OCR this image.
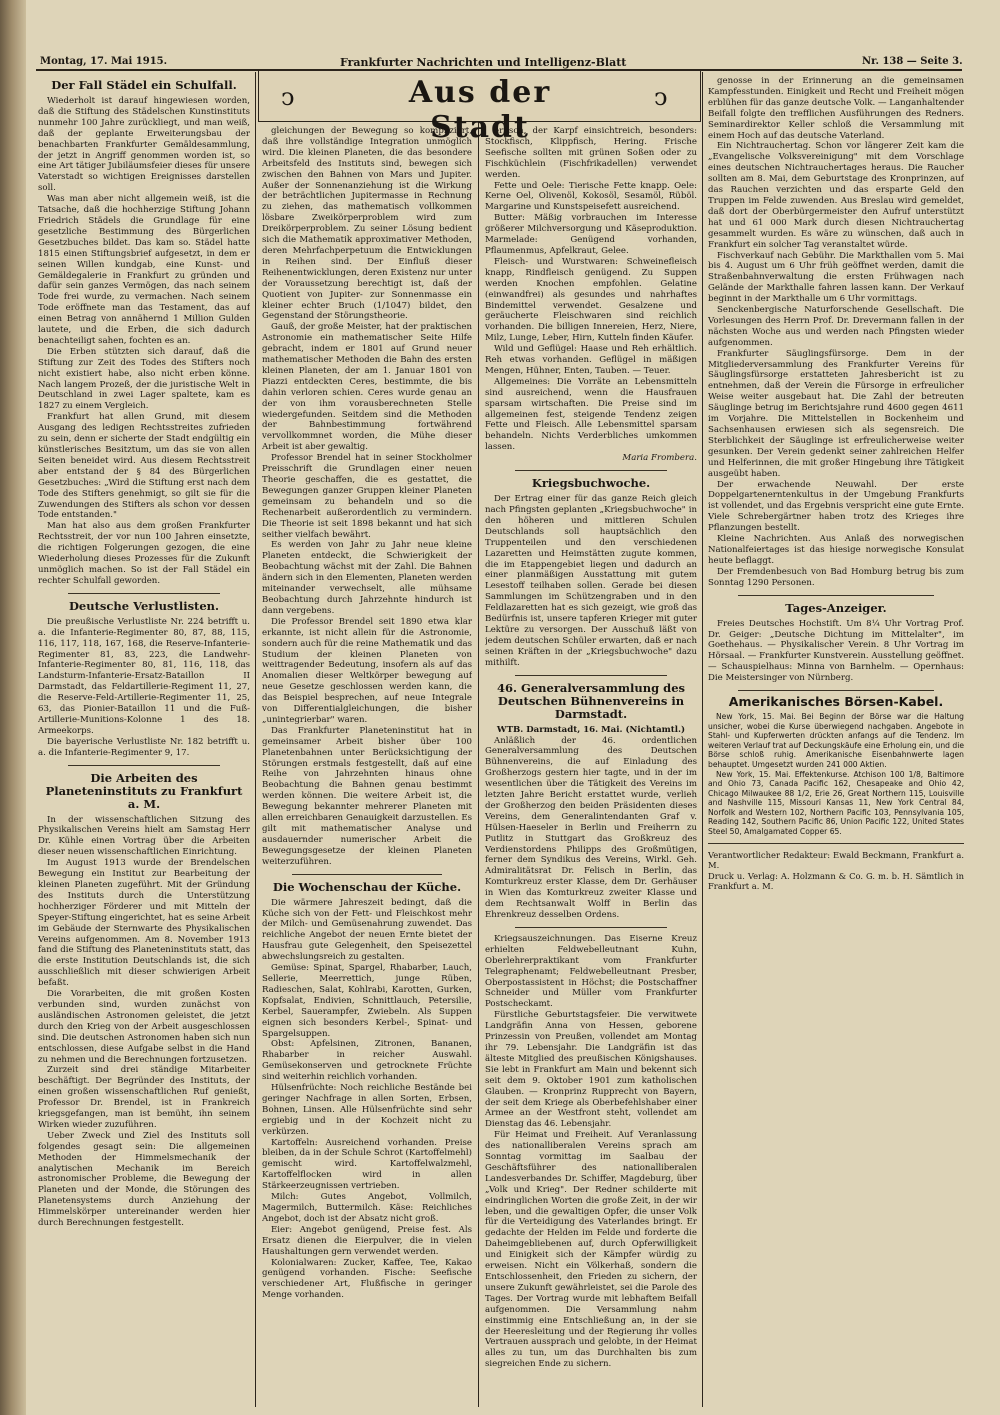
Montag, 17. Mai 1915.	Frankfurter Nachrichten und Intelligenz-Blatt	Nr. 138 — Seite 3.
ↄ	Aus der Stadt
ↄ
Der Fall Städel ein Schulfall.

Wiederholt ist darauf hingewiesen worden, daß die Stiftung des Städelschen Kunstinstituts nunmehr 100 Jahre zurückliegt, und man weiß, daß der geplante Erweiterungsbau der benachbarten Frankfurter Gemäldesammlung, der jetzt in Angriff genommen worden ist, so eine Art tätiger Jubiläumsfeier dieses für unsere Vaterstadt so wichtigen Ereignisses darstellen soll.

Was man aber nicht allgemein weiß, ist die Tatsache, daß die hochherzige Stiftung Johann Friedrich Städels die Grundlage für eine gesetzliche Bestimmung des Bürgerlichen Gesetzbuches bildet. Das kam so. Städel hatte 1815 einen Stiftungsbrief aufgesetzt, in dem er seinen Willen kundgab, eine Kunst- und Gemäldegalerie in Frankfurt zu gründen und dafür sein ganzes Vermögen, das nach seinem Tode frei wurde, zu vermachen. Nach seinem Tode eröffnete man das Testament, das auf einen Betrag von annähernd 1 Million Gulden lautete, und die Erben, die sich dadurch benachteiligt sahen, fochten es an.

Die Erben stützten sich darauf, daß die Stiftung zur Zeit des Todes des Stifters noch nicht existiert habe, also nicht erben könne. Nach langem Prozeß, der die juristische Welt in Deutschland in zwei Lager spaltete, kam es 1827 zu einem Vergleich.

Frankfurt hat allen Grund, mit diesem Ausgang des ledigen Rechtsstreites zufrieden zu sein, denn er sicherte der Stadt endgültig ein künstlerisches Besitztum, um das sie von allen Seiten beneidet wird. Aus diesem Rechtsstreit aber entstand der § 84 des Bürgerlichen Gesetzbuches: „Wird die Stiftung erst nach dem Tode des Stifters genehmigt, so gilt sie für die Zuwendungen des Stifters als schon vor dessen Tode entstanden."

Man hat also aus dem großen Frankfurter Rechtsstreit, der vor nun 100 Jahren einsetzte, die richtigen Folgerungen gezogen, die eine Wiederholung dieses Prozesses für die Zukunft unmöglich machen. So ist der Fall Städel ein rechter Schulfall geworden.

Deutsche Verlustlisten.

Die preußische Verlustliste Nr. 224 betrifft u. a. die Infanterie-Regimenter 80, 87, 88, 115, 116, 117, 118, 167, 168, die Reserve-Infanterie-Regimenter 81, 83, 223, die Landwehr-Infanterie-Regimenter 80, 81, 116, 118, das Landsturm-Infanterie-Ersatz-Bataillon II Darmstadt, das Feldartillerie-Regiment 11, 27, die Reserve-Feld-Artillerie-Regimenter 11, 25, 63, das Pionier-Bataillon 11 und die Fuß-Artillerie-Munitions-Kolonne 1 des 18. Armeekorps.

Die bayerische Verlustliste Nr. 182 betrifft u. a. die Infanterie-Regimenter 9, 17.

Die Arbeiten des Planeteninstituts zu Frankfurt a. M.

In der wissenschaftlichen Sitzung des Physikalischen Vereins hielt am Samstag Herr Dr. Kühle einen Vortrag über die Arbeiten dieser neuen wissenschaftlichen Einrichtung.

Im August 1913 wurde der Brendelschen Bewegung ein Institut zur Bearbeitung der kleinen Planeten zugeführt. Mit der Gründung des Instituts durch die Unterstützung hochherziger Förderer und mit Mitteln der Speyer-Stiftung eingerichtet, hat es seine Arbeit im Gebäude der Sternwarte des Physikalischen Vereins aufgenommen. Am 8. November 1913 fand die Stiftung des Planeteninstituts statt, das die erste Institution Deutschlands ist, die sich ausschließlich mit dieser schwierigen Arbeit befaßt.

Die Vorarbeiten, die mit großen Kosten verbunden sind, wurden zunächst von ausländischen Astronomen geleistet, die jetzt durch den Krieg von der Arbeit ausgeschlossen sind. Die deutschen Astronomen haben sich nun entschlossen, diese Aufgabe selbst in die Hand zu nehmen und die Berechnungen fortzusetzen.

Zurzeit sind drei ständige Mitarbeiter beschäftigt. Der Begründer des Instituts, der einen großen wissenschaftlichen Ruf genießt, Professor Dr. Brendel, ist in Frankreich kriegsgefangen, man ist bemüht, ihn seinem Wirken wieder zuzuführen.

Ueber Zweck und Ziel des Instituts soll folgendes gesagt sein: Die allgemeinen Methoden der Himmelsmechanik der analytischen Mechanik im Bereich astronomischer Probleme, die Bewegung der Planeten und der Monde, die Störungen des Planetensystems durch Anziehung der Himmelskörper untereinander werden hier durch Berechnungen festgestellt.

gleichungen der Bewegung so kompliziert, daß ihre vollständige Integration unmöglich wird. Die kleinen Planeten, die das besondere Arbeitsfeld des Instituts sind, bewegen sich zwischen den Bahnen von Mars und Jupiter. Außer der Sonnenanziehung ist die Wirkung der beträchtlichen Jupitermasse in Rechnung zu ziehen, das mathematisch vollkommen lösbare Zweikörperproblem wird zum Dreikörperproblem. Zu seiner Lösung bedient sich die Mathematik approximativer Methoden, deren Mehrfachperpetuum die Entwicklungen in Reihen sind. Der Einfluß dieser Reihenentwicklungen, deren Existenz nur unter der Voraussetzung berechtigt ist, daß der Quotient von Jupiter- zur Sonnenmasse ein kleiner echter Bruch (1/1047) bildet, den Gegenstand der Störungstheorie.

Gauß, der große Meister, hat der praktischen Astronomie ein mathematischer Seite Hilfe gebracht, indem er 1801 auf Grund neuer mathematischer Methoden die Bahn des ersten kleinen Planeten, der am 1. Januar 1801 von Piazzi entdeckten Ceres, bestimmte, die bis dahin verloren schien. Ceres wurde genau an der von ihm vorausberechneten Stelle wiedergefunden. Seitdem sind die Methoden der Bahnbestimmung fortwährend vervollkommnet worden, die Mühe dieser Arbeit ist aber gewaltig.

Professor Brendel hat in seiner Stockholmer Preisschrift die Grundlagen einer neuen Theorie geschaffen, die es gestattet, die Bewegungen ganzer Gruppen kleiner Planeten gemeinsam zu behandeln und so die Rechenarbeit außerordentlich zu vermindern. Die Theorie ist seit 1898 bekannt und hat sich seither vielfach bewährt.

Es werden von Jahr zu Jahr neue kleine Planeten entdeckt, die Schwierigkeit der Beobachtung wächst mit der Zahl. Die Bahnen ändern sich in den Elementen, Planeten werden miteinander verwechselt, alle mühsame Beobachtung durch Jahrzehnte hindurch ist dann vergebens.

Die Professor Brendel seit 1890 etwa klar erkannte, ist nicht allein für die Astronomie, sondern auch für die reine Mathematik und das Studium der kleinen Planeten von weittragender Bedeutung, insofern als auf das Anomalien dieser Weltkörper bewegung auf neue Gesetze geschlossen werden kann, die das Beispiel besprechen, auf neue Integrale von Differentialgleichungen, die bisher „unintegrierbar" waren.

Das Frankfurter Planeteninstitut hat in gemeinsamer Arbeit bisher über 100 Planetenbahnen unter Berücksichtigung der Störungen erstmals festgestellt, daß auf eine Reihe von Jahrzehnten hinaus ohne Beobachtung die Bahnen genau bestimmt werden können. Die weitere Arbeit ist, die Bewegung bekannter mehrerer Planeten mit allen erreichbaren Genauigkeit darzustellen. Es gilt mit mathematischer Analyse und ausdauernder numerischer Arbeit die Bewegungsgesetze der kleinen Planeten weiterzuführen.

Die Wochenschau der Küche.

Die wärmere Jahreszeit bedingt, daß die Küche sich von der Fett- und Fleischkost mehr der Milch- und Gemüsenahrung zuwendet. Das reichliche Angebot der neuen Ernte bietet der Hausfrau gute Gelegenheit, den Speisezettel abwechslungsreich zu gestalten.

Gemüse: Spinat, Spargel, Rhabarber, Lauch, Sellerie, Meerrettich, junge Rüben, Radieschen, Salat, Kohlrabi, Karotten, Gurken, Kopfsalat, Endivien, Schnittlauch, Petersilie, Kerbel, Sauerampfer, Zwiebeln. Als Suppen eignen sich besonders Kerbel-, Spinat- und Spargelsuppen.

Obst: Apfelsinen, Zitronen, Bananen, Rhabarber in reicher Auswahl. Gemüsekonserven und getrocknete Früchte sind weiterhin reichlich vorhanden.

Hülsenfrüchte: Noch reichliche Bestände bei geringer Nachfrage in allen Sorten, Erbsen, Bohnen, Linsen. Alle Hülsenfrüchte sind sehr ergiebig und in der Kochzeit nicht zu verkürzen.

Kartoffeln: Ausreichend vorhanden. Preise bleiben, da in der Schule Schrot (Kartoffelmehl) gemischt wird. Kartoffelwalzmehl, Kartoffelflocken wird in allen Stärkeerzeugnissen vertrieben.

Milch: Gutes Angebot, Vollmilch, Magermilch, Buttermilch. Käse: Reichliches Angebot, doch ist der Absatz nicht groß.

Eier: Angebot genügend, Preise fest. Als Ersatz dienen die Eierpulver, die in vielen Haushaltungen gern verwendet werden.

Kolonialwaren: Zucker, Kaffee, Tee, Kakao genügend vorhanden. Fische: Seefische verschiedener Art, Flußfische in geringer Menge vorhanden.

erfisch, der Karpf einsichtreich, besonders: Stockfisch, Klippfisch, Hering. Frische Seefische sollten mit grünen Soßen oder zu Fischküchlein (Fischfrikadellen) verwendet werden.

Fette und Oele: Tierische Fette knapp. Oele: Kerne Oel, Olivenöl, Kokosöl, Sesamöl, Rüböl. Margarine und Kunstspeisefett ausreichend.

Butter: Mäßig vorbrauchen im Interesse größerer Milchversorgung und Käseproduktion. Marmelade: Genügend vorhanden, Pflaumenmus, Apfelkraut, Gelee.

Fleisch- und Wurstwaren: Schweinefleisch knapp, Rindfleisch genügend. Zu Suppen werden Knochen empfohlen. Gelatine (einwandfrei) als gesundes und nahrhaftes Bindemittel verwendet. Gesalzene und geräucherte Fleischwaren sind reichlich vorhanden. Die billigen Innereien, Herz, Niere, Milz, Lunge, Leber, Hirn, Kutteln finden Käufer.

Wild und Geflügel: Haase und Reh erhältlich. Reh etwas vorhanden. Geflügel in mäßigen Mengen, Hühner, Enten, Tauben. — Teuer.

Allgemeines: Die Vorräte an Lebensmitteln sind ausreichend, wenn die Hausfrauen sparsam wirtschaften. Die Preise sind im allgemeinen fest, steigende Tendenz zeigen Fette und Fleisch. Alle Lebensmittel sparsam behandeln. Nichts Verderbliches umkommen lassen.

Maria Frombera.

Kriegsbuchwoche.

Der Ertrag einer für das ganze Reich gleich nach Pfingsten geplanten „Kriegsbuchwoche" in den höheren und mittleren Schulen Deutschlands soll hauptsächlich den Truppenteilen und den verschiedenen Lazaretten und Heimstätten zugute kommen, die im Etappengebiet liegen und dadurch an einer planmäßigen Ausstattung mit gutem Lesestoff teilhaben sollen. Gerade bei diesen Sammlungen im Schützengraben und in den Feldlazaretten hat es sich gezeigt, wie groß das Bedürfnis ist, unsere tapferen Krieger mit guter Lektüre zu versorgen. Der Ausschuß läßt von jedem deutschen Schüler erwarten, daß er nach seinen Kräften in der „Kriegsbuchwoche" dazu mithilft.

46. Generalversammlung des Deutschen Bühnenvereins in Darmstadt.

WTB. Darmstadt, 16. Mai. (Nichtamtl.)

Anläßlich der 46. ordentlichen Generalversammlung des Deutschen Bühnenvereins, die auf Einladung des Großherzogs gestern hier tagte, und in der im wesentlichen über die Tätigkeit des Vereins im letzten Jahre Bericht erstattet wurde, verlieh der Großherzog den beiden Präsidenten dieses Vereins, dem Generalintendanten Graf v. Hülsen-Haeseler in Berlin und Freiherrn zu Putlitz in Stuttgart das Großkreuz des Verdienstordens Philipps des Großmütigen, ferner dem Syndikus des Vereins, Wirkl. Geh. Admiralitätsrat Dr. Felisch in Berlin, das Komturkreuz erster Klasse, dem Dr. Gerhäuser in Wien das Komturkreuz zweiter Klasse und dem Rechtsanwalt Wolff in Berlin das Ehrenkreuz desselben Ordens.

Kriegsauszeichnungen. Das Eiserne Kreuz erhielten Feldwebelleutnant Kuhn, Oberlehrerpraktikant vom Frankfurter Telegraphenamt; Feldwebelleutnant Presber, Oberpostassistent in Höchst; die Postschaffner Schneider und Müller vom Frankfurter Postscheckamt.

Fürstliche Geburtstagsfeier. Die verwitwete Landgräfin Anna von Hessen, geborene Prinzessin von Preußen, vollendet am Montag ihr 79. Lebensjahr. Die Landgräfin ist das älteste Mitglied des preußischen Königshauses. Sie lebt in Frankfurt am Main und bekennt sich seit dem 9. Oktober 1901 zum katholischen Glauben. — Kronprinz Rupprecht von Bayern, der seit dem Kriege als Oberbefehlshaber einer Armee an der Westfront steht, vollendet am Dienstag das 46. Lebensjahr.

Für Heimat und Freiheit. Auf Veranlassung des nationalliberalen Vereins sprach am Sonntag vormittag im Saalbau der Geschäftsführer des nationalliberalen Landesverbandes Dr. Schiffer, Magdeburg, über „Volk und Krieg". Der Redner schilderte mit eindringlichen Worten die große Zeit, in der wir leben, und die gewaltigen Opfer, die unser Volk für die Verteidigung des Vaterlandes bringt. Er gedachte der Helden im Felde und forderte die Daheimgebliebenen auf, durch Opferwilligkeit und Einigkeit sich der Kämpfer würdig zu erweisen. Nicht ein Völkerhaß, sondern die Entschlossenheit, den Frieden zu sichern, der unsere Zukunft gewährleistet, sei die Parole des Tages. Der Vortrag wurde mit lebhaftem Beifall aufgenommen. Die Versammlung nahm einstimmig eine Entschließung an, in der sie der Heeresleitung und der Regierung ihr volles Vertrauen aussprach und gelobte, in der Heimat alles zu tun, um das Durchhalten bis zum siegreichen Ende zu sichern.

genosse in der Erinnerung an die gemeinsamen Kampfesstunden. Einigkeit und Recht und Freiheit mögen erblühen für das ganze deutsche Volk. — Langanhaltender Beifall folgte den trefflichen Ausführungen des Redners. Seminardirektor Keller schloß die Versammlung mit einem Hoch auf das deutsche Vaterland.

Ein Nichtrauchertag. Schon vor längerer Zeit kam die „Evangelische Volksvereinigung" mit dem Vorschlage eines deutschen Nichtrauchertages heraus. Die Raucher sollten am 8. Mai, dem Geburtstage des Kronprinzen, auf das Rauchen verzichten und das ersparte Geld den Truppen im Felde zuwenden. Aus Breslau wird gemeldet, daß dort der Oberbürgermeister den Aufruf unterstützt hat und 61 000 Mark durch diesen Nichtrauchertag gesammelt wurden. Es wäre zu wünschen, daß auch in Frankfurt ein solcher Tag veranstaltet würde.

Fischverkauf nach Gebühr. Die Markthallen vom 5. Mai bis 4. August um 6 Uhr früh geöffnet werden, damit die Straßenbahnverwaltung die ersten Frühwagen nach Gelände der Markthalle fahren lassen kann. Der Verkauf beginnt in der Markthalle um 6 Uhr vormittags.

Senckenbergische Naturforschende Gesellschaft. Die Vorlesungen des Herrn Prof. Dr. Drevermann fallen in der nächsten Woche aus und werden nach Pfingsten wieder aufgenommen.

Frankfurter Säuglingsfürsorge. Dem in der Mitgliederversammlung des Frankfurter Vereins für Säuglingsfürsorge erstatteten Jahresbericht ist zu entnehmen, daß der Verein die Fürsorge in erfreulicher Weise weiter ausgebaut hat. Die Zahl der betreuten Säuglinge betrug im Berichtsjahre rund 4600 gegen 4611 im Vorjahre. Die Mittelstellen in Bockenheim und Sachsenhausen erwiesen sich als segensreich. Die Sterblichkeit der Säuglinge ist erfreulicherweise weiter gesunken. Der Verein gedenkt seiner zahlreichen Helfer und Helferinnen, die mit großer Hingebung ihre Tätigkeit ausgeübt haben.

Der erwachende Neuwahl. Der erste Doppelgartenerntenkultus in der Umgebung Frankfurts ist vollendet, und das Ergebnis verspricht eine gute Ernte. Viele Schrebergärtner haben trotz des Krieges ihre Pflanzungen bestellt.

Kleine Nachrichten. Aus Anlaß des norwegischen Nationalfeiertages ist das hiesige norwegische Konsulat heute beflaggt.

Der Fremdenbesuch von Bad Homburg betrug bis zum Sonntag 1290 Personen.

Tages-Anzeiger.

Freies Deutsches Hochstift. Um 8¼ Uhr Vortrag Prof. Dr. Geiger: „Deutsche Dichtung im Mittelalter", im Goethehaus. — Physikalischer Verein. 8 Uhr Vortrag im Hörsaal. — Frankfurter Kunstverein. Ausstellung geöffnet. — Schauspielhaus: Minna von Barnhelm. — Opernhaus: Die Meistersinger von Nürnberg.

Amerikanisches Börsen-Kabel.

New York, 15. Mai. Bei Beginn der Börse war die Haltung unsicher, wobei die Kurse überwiegend nachgaben. Angebote in Stahl- und Kupferwerten drückten anfangs auf die Tendenz. Im weiteren Verlauf trat auf Deckungskäufe eine Erholung ein, und die Börse schloß ruhig. Amerikanische Eisenbahnwerte lagen behauptet. Umgesetzt wurden 241 000 Aktien.

New York, 15. Mai. Effektenkurse. Atchison 100 1/8, Baltimore and Ohio 73, Canada Pacific 162, Chesapeake and Ohio 42, Chicago Milwaukee 88 1/2, Erie 26, Great Northern 115, Louisville and Nashville 115, Missouri Kansas 11, New York Central 84, Norfolk and Western 102, Northern Pacific 103, Pennsylvania 105, Reading 142, Southern Pacific 86, Union Pacific 122, United States Steel 50, Amalgamated Copper 65.

Verantwortlicher Redakteur: Ewald Beckmann, Frankfurt a. M.
Druck u. Verlag: A. Holzmann & Co. G. m. b. H. Sämtlich in Frankfurt a. M.
